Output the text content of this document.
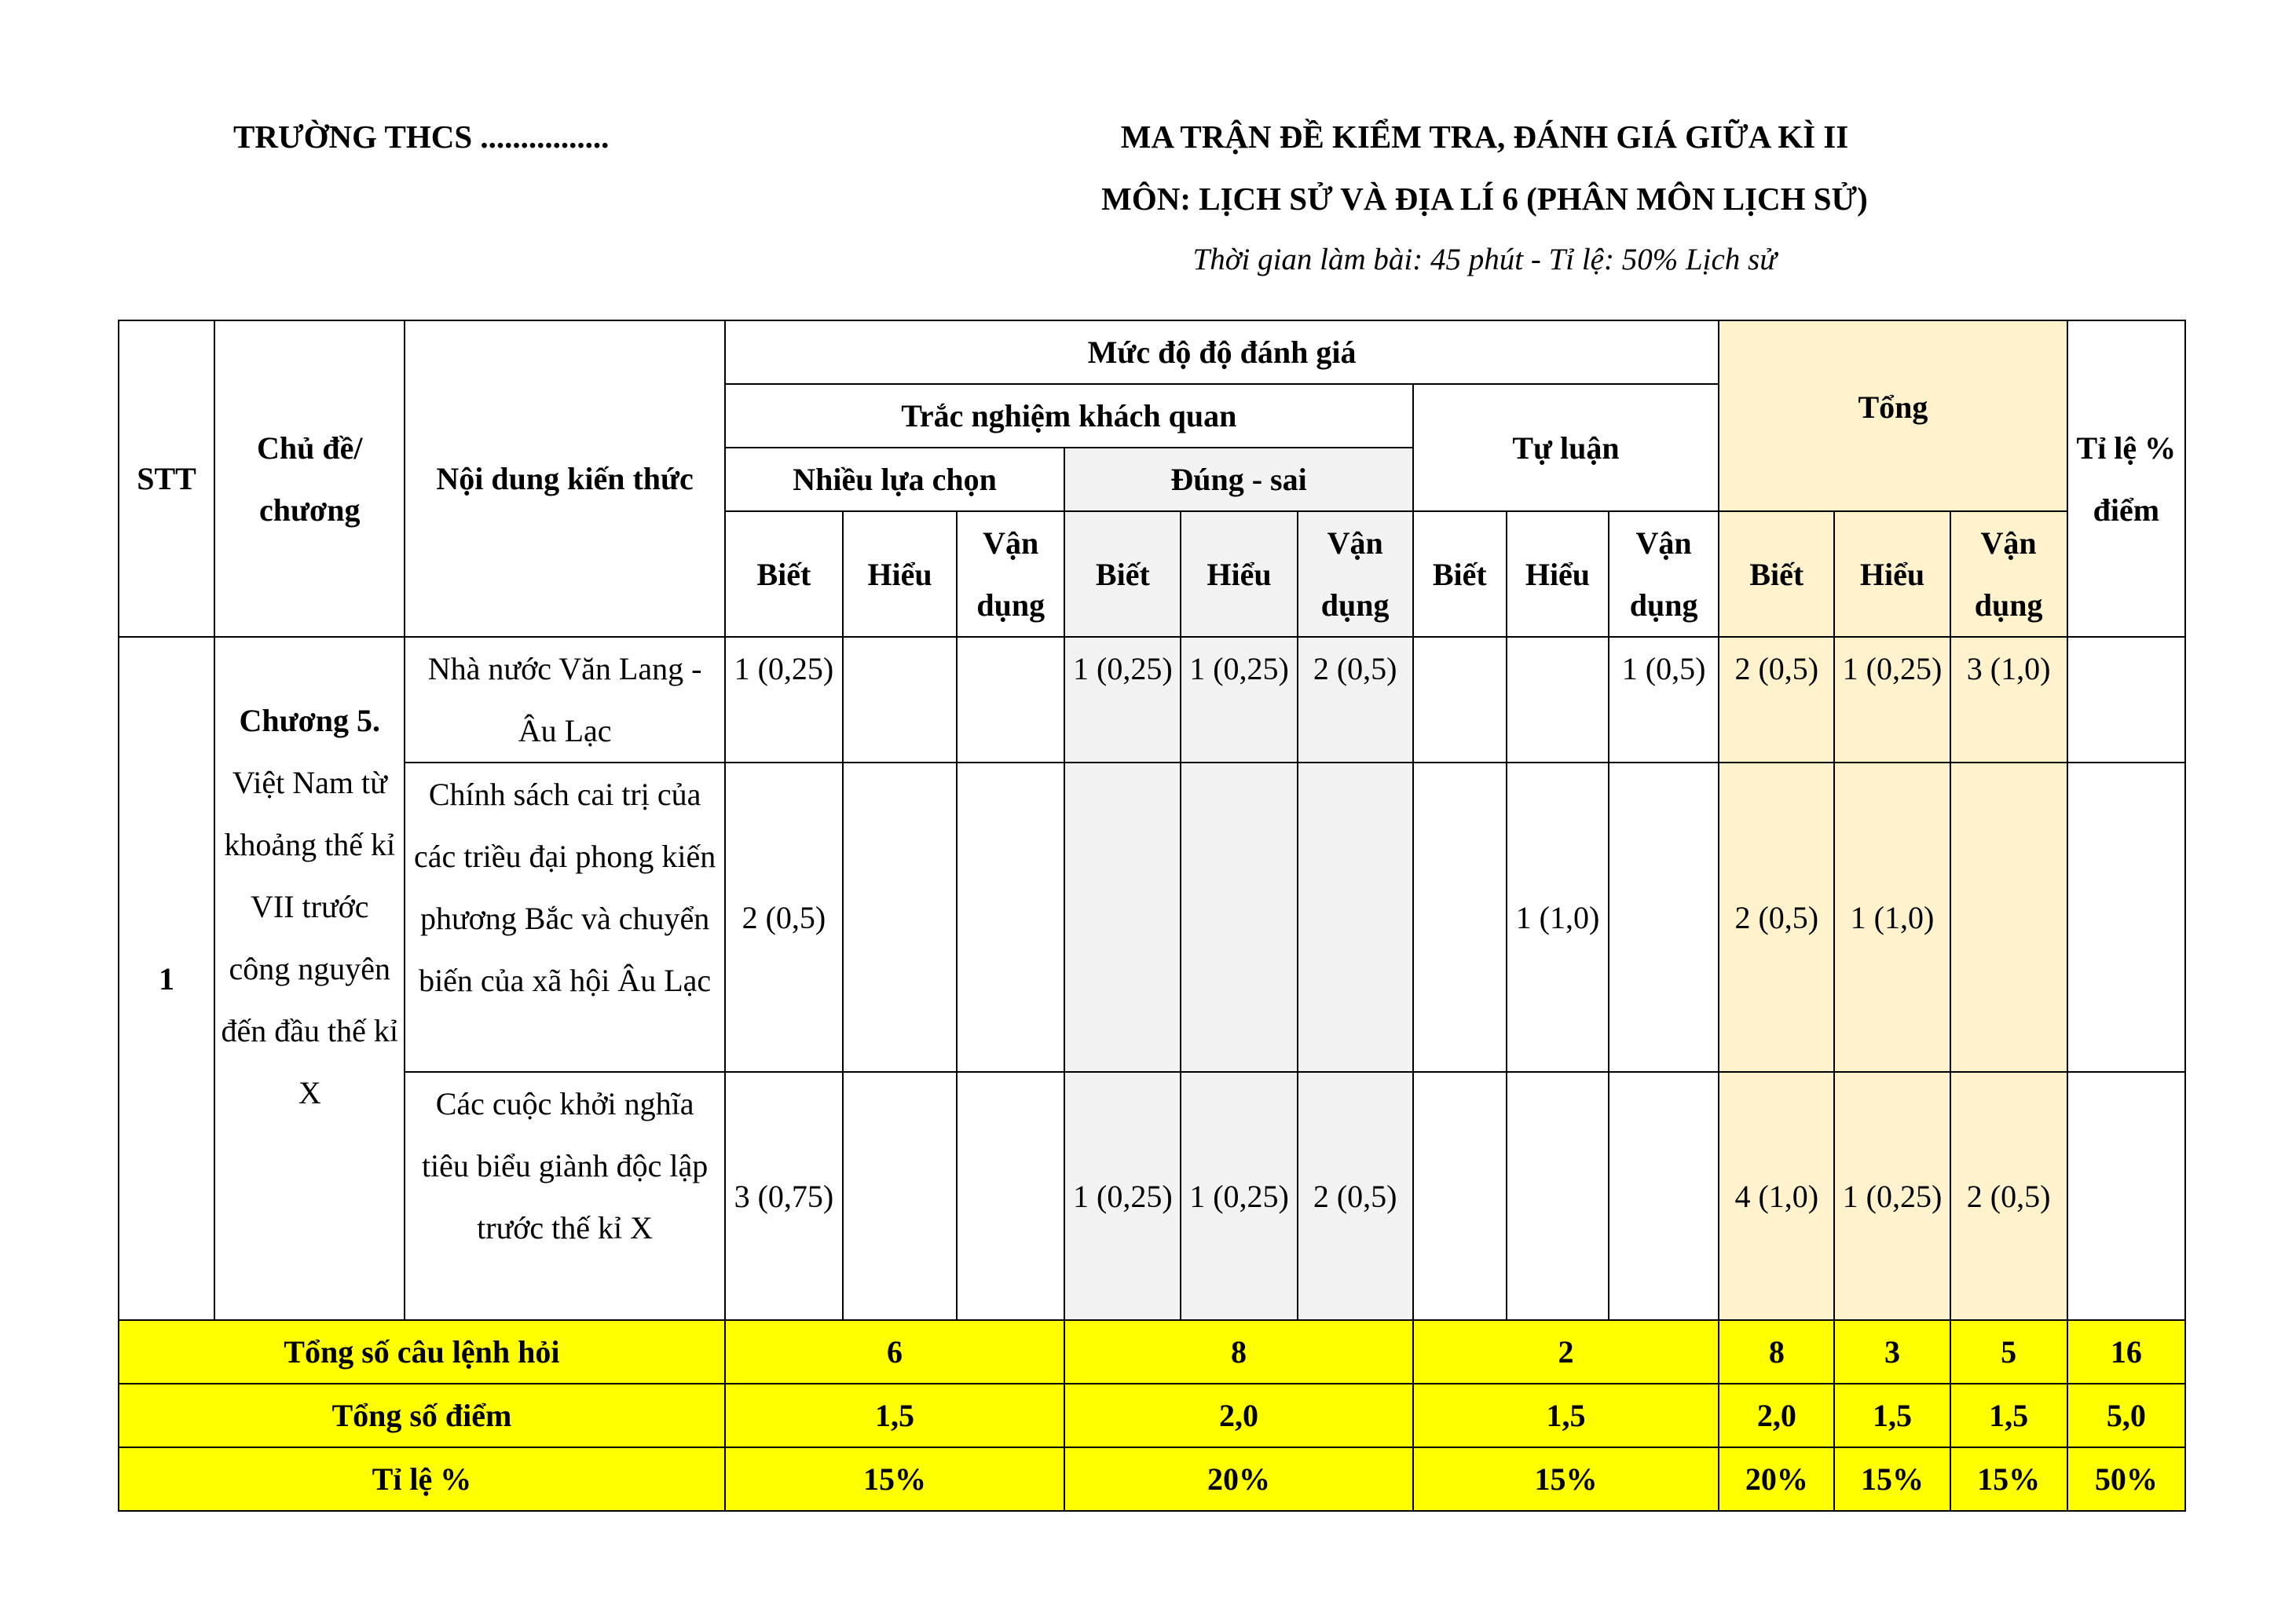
TRƯỜNG THCS ................	MA TRẬN ĐỀ KIỂM TRA, ĐÁNH GIÁ GIỮA KÌ II
MÔN: LỊCH SỬ VÀ ĐỊA LÍ 6 (PHÂN MÔN LỊCH SỬ)
Thời gian làm bài: 45 phút - Tỉ lệ: 50% Lịch sử
STT	Chủ đề/ chương	Nội dung kiến thức	Mức độ độ đánh giá									Tổng			Tỉ lệ % điểm
			Trắc nghiệm khách quan						Tự luận						
			Nhiều lựa chọn			Đúng - sai									
			Biết	Hiểu	Vận dụng	Biết	Hiểu	Vận dụng	Biết	Hiểu	Vận dụng	Biết	Hiểu	Vận dụng	
1	Chương 5. Việt Nam từ khoảng thế kỉ VII trước công nguyên đến đầu thế kỉ X	Nhà nước Văn Lang - Âu Lạc	1 (0,25)			1 (0,25)	1 (0,25)	2 (0,5)			1 (0,5)	2 (0,5)	1 (0,25)	3 (1,0)	
		Chính sách cai trị của các triều đại phong kiến phương Bắc và chuyển biến của xã hội Âu Lạc	2 (0,5)							1 (1,0)		2 (0,5)	1 (1,0)		
		Các cuộc khởi nghĩa tiêu biểu giành độc lập trước thế kỉ X	3 (0,75)			1 (0,25)	1 (0,25)	2 (0,5)				4 (1,0)	1 (0,25)	2 (0,5)	
Tổng số câu lệnh hỏi			6			8			2			8	3	5	16
Tổng số điểm			1,5			2,0			1,5			2,0	1,5	1,5	5,0
Tỉ lệ %			15%			20%			15%			20%	15%	15%	50%
